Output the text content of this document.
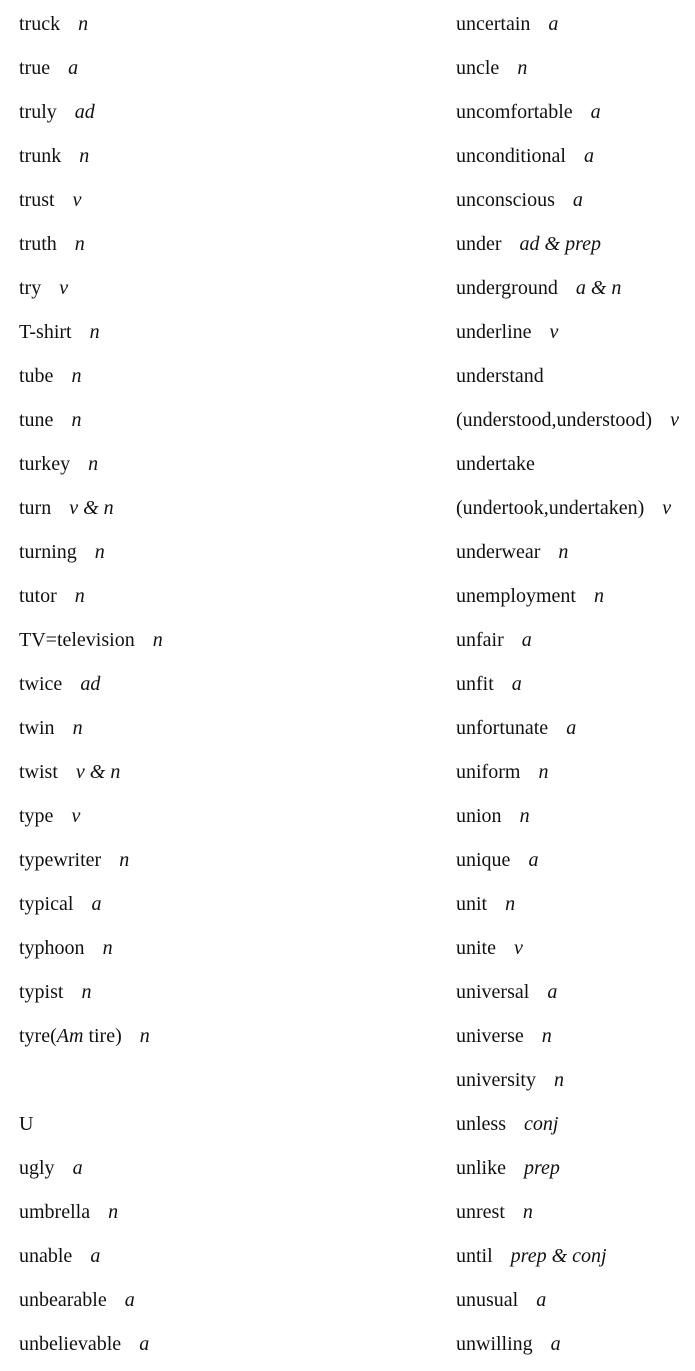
truck n
true a
truly ad
trunk n
trust v
truth n
try v
T-shirt n
tube n
tune n
turkey n
turn v & n
turning n
tutor n
TV=television n
twice ad
twin n
twist v & n
type v
typewriter n
typical a
typhoon n
typist n
tyre(Am tire) n
U
ugly a
umbrella n
unable a
unbearable a
unbelievable a
uncertain a
uncle n
uncomfortable a
unconditional a
unconscious a
under ad & prep
underground a & n
underline v
understand
(understood,understood) v
undertake
(undertook,undertaken) v
underwear n
unemployment n
unfair a
unfit a
unfortunate a
uniform n
union n
unique a
unit n
unite v
universal a
universe n
university n
unless conj
unlike prep
unrest n
until prep & conj
unusual a
unwilling a
